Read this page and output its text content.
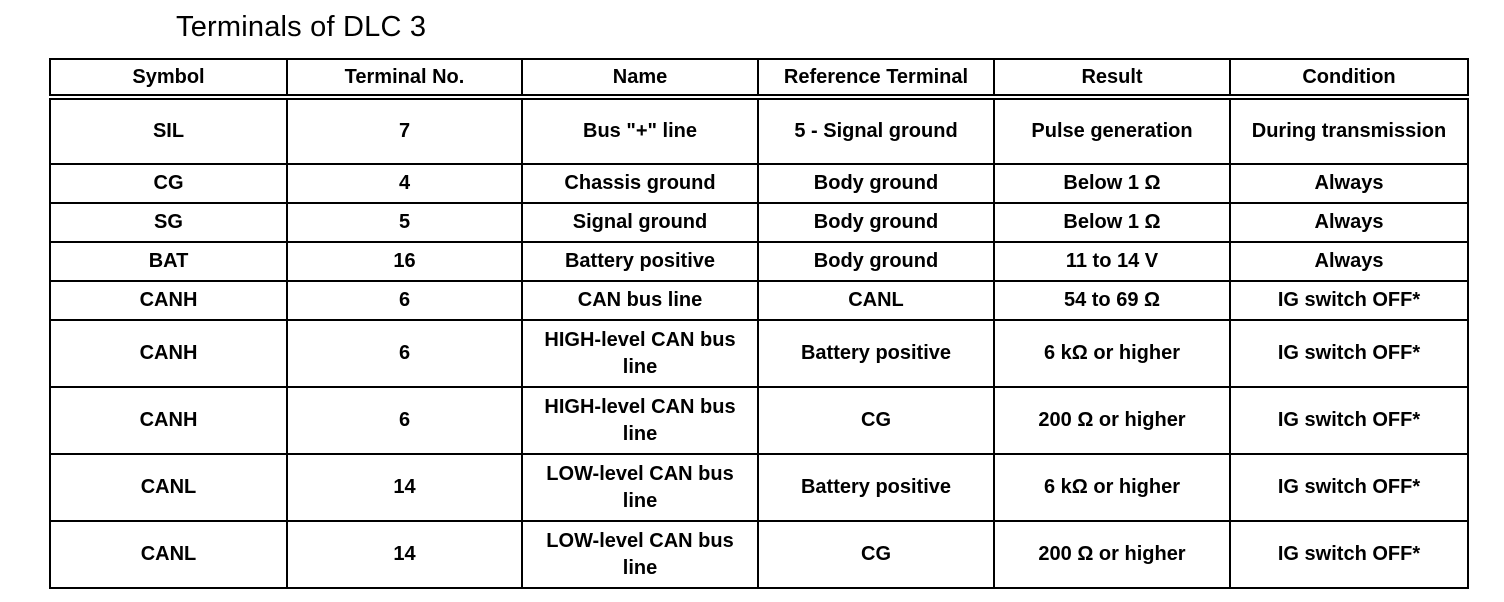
Terminals of DLC 3
Symbol	Terminal No.	Name	Reference Terminal	Result	Condition
SIL	7	Bus "+" line	5 - Signal ground	Pulse generation	During transmission
CG	4	Chassis ground	Body ground	Below 1 Ω	Always
SG	5	Signal ground	Body ground	Below 1 Ω	Always
BAT	16	Battery positive	Body ground	11 to 14 V	Always
CANH	6	CAN bus line	CANL	54 to 69 Ω	IG switch OFF*
CANH	6	HIGH-level CAN bus line	Battery positive	6 kΩ or higher	IG switch OFF*
CANH	6	HIGH-level CAN bus line	CG	200 Ω or higher	IG switch OFF*
CANL	14	LOW-level CAN bus line	Battery positive	6 kΩ or higher	IG switch OFF*
CANL	14	LOW-level CAN bus line	CG	200 Ω or higher	IG switch OFF*
